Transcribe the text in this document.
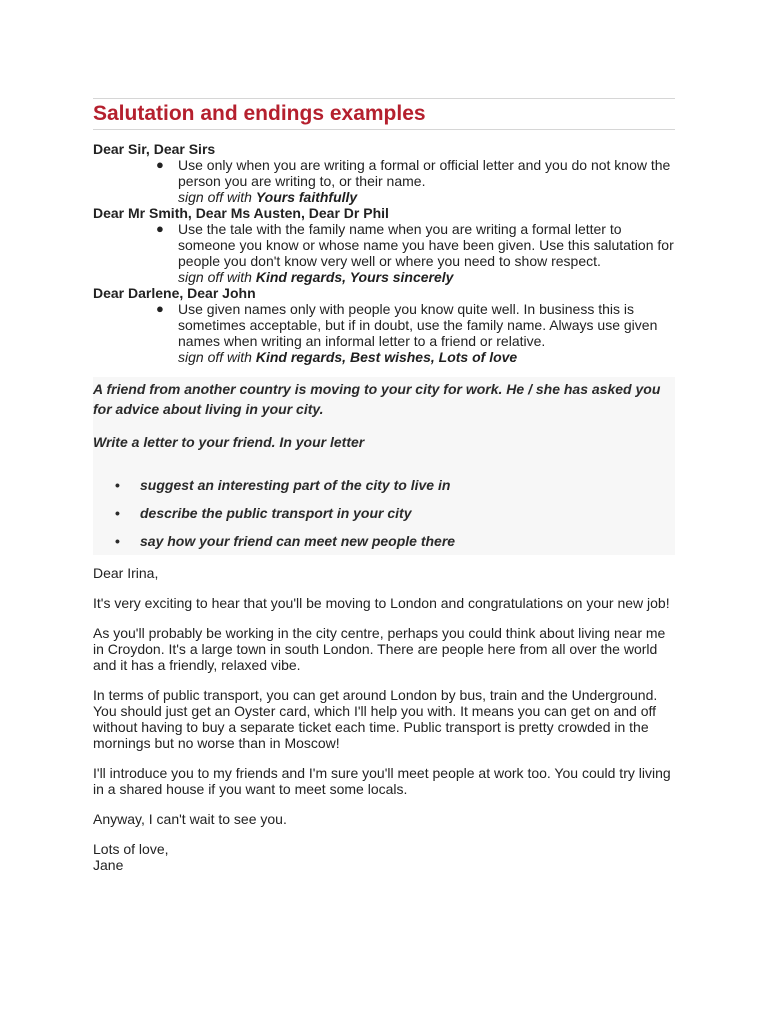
Salutation and endings examples
Dear Sir, Dear Sirs
● Use only when you are writing a formal or official letter and you do not know the person you are writing to, or their name.
sign off with Yours faithfully
Dear Mr Smith, Dear Ms Austen, Dear Dr Phil
● Use the tale with the family name when you are writing a formal letter to someone you know or whose name you have been given. Use this salutation for people you don't know very well or where you need to show respect.
sign off with Kind regards, Yours sincerely
Dear Darlene, Dear John
● Use given names only with people you know quite well. In business this is sometimes acceptable, but if in doubt, use the family name. Always use given names when writing an informal letter to a friend or relative.
sign off with Kind regards, Best wishes, Lots of love

A friend from another country is moving to your city for work. He / she has asked you for advice about living in your city.

Write a letter to your friend. In your letter

• suggest an interesting part of the city to live in
• describe the public transport in your city
• say how your friend can meet new people there

Dear Irina,

It's very exciting to hear that you'll be moving to London and congratulations on your new job!

As you'll probably be working in the city centre, perhaps you could think about living near me in Croydon. It's a large town in south London. There are people here from all over the world and it has a friendly, relaxed vibe.

In terms of public transport, you can get around London by bus, train and the Underground. You should just get an Oyster card, which I'll help you with. It means you can get on and off without having to buy a separate ticket each time. Public transport is pretty crowded in the mornings but no worse than in Moscow!

I'll introduce you to my friends and I'm sure you'll meet people at work too. You could try living in a shared house if you want to meet some locals.

Anyway, I can't wait to see you.

Lots of love,

Jane
